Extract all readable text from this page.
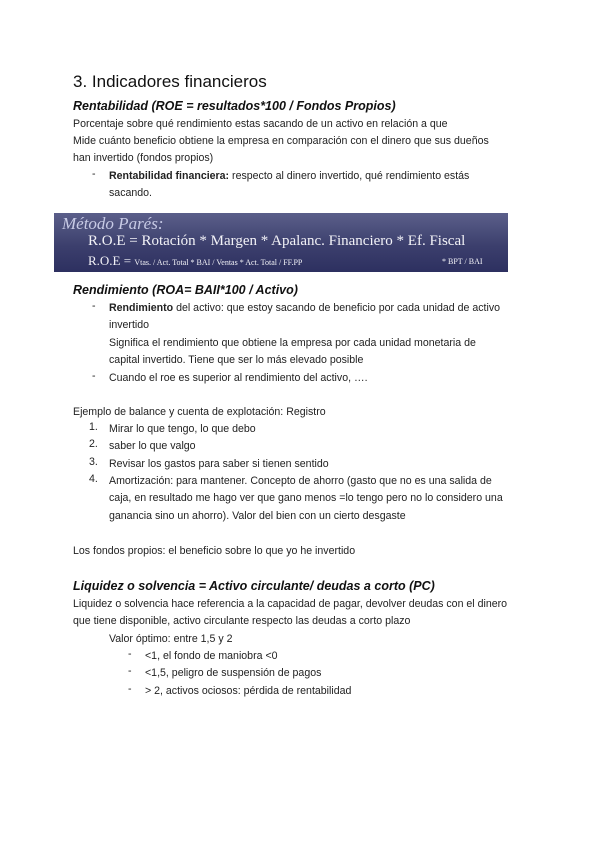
3. Indicadores financieros
Rentabilidad (ROE = resultados*100 / Fondos Propios)
Porcentaje sobre qué rendimiento estas sacando de un activo en relación a que
Mide cuánto beneficio obtiene la empresa en comparación con el dinero que sus dueños
han invertido (fondos propios)
- Rentabilidad financiera: respecto al dinero invertido, qué rendimiento estás
sacando.
Método Parés:
R.O.E = Rotación * Margen * Apalanc. Financiero * Ef. Fiscal
R.O.E = Vtas. / Act. Total * BAI / Ventas * Act. Total / FF.PP	* BPT / BAI
Rendimiento (ROA= BAII*100 / Activo)
- Rendimiento del activo: que estoy sacando de beneficio por cada unidad de activo
invertido
Significa el rendimiento que obtiene la empresa por cada unidad monetaria de
capital invertido. Tiene que ser lo más elevado posible
- Cuando el roe es superior al rendimiento del activo, ….
Ejemplo de balance y cuenta de explotación: Registro
1. Mirar lo que tengo, lo que debo
2. saber lo que valgo
3. Revisar los gastos para saber si tienen sentido
4. Amortización: para mantener. Concepto de ahorro (gasto que no es una salida de
caja, en resultado me hago ver que gano menos =lo tengo pero no lo considero una
ganancia sino un ahorro). Valor del bien con un cierto desgaste
Los fondos propios: el beneficio sobre lo que yo he invertido
Liquidez o solvencia = Activo circulante/ deudas a corto (PC)
Liquidez o solvencia hace referencia a la capacidad de pagar, devolver deudas con el dinero
que tiene disponible, activo circulante respecto las deudas a corto plazo
Valor óptimo: entre 1,5 y 2
- <1, el fondo de maniobra <0
- <1,5, peligro de suspensión de pagos
- > 2, activos ociosos: pérdida de rentabilidad
